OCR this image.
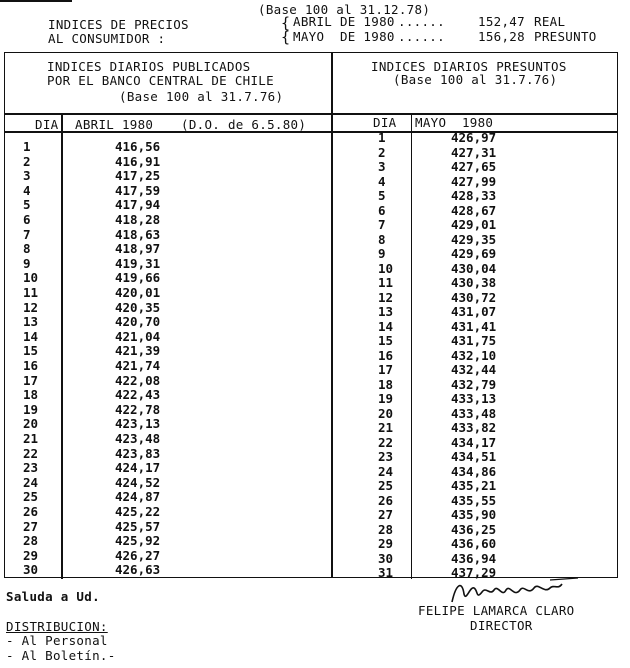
(Base 100 al 31.12.78)
INDICES DE PRECIOS
AL CONSUMIDOR :
{
{
ABRIL DE 1980 ......	152,47 REAL
MAYO  DE 1980 ......	156,28 PRESUNTO
INDICES DIARIOS PUBLICADOS
POR EL BANCO CENTRAL DE CHILE
(Base 100 al 31.7.76)
INDICES DIARIOS PRESUNTOS
(Base 100 al 31.7.76)
DIA ABRIL 1980 (D.O. de 6.5.80)	DIA MAYO  1980
1	416,56
2	416,91
3	417,25
4	417,59
5	417,94
6	418,28
7	418,63
8	418,97
9	419,31
10	419,66
11	420,01
12	420,35
13	420,70
14	421,04
15	421,39
16	421,74
17	422,08
18	422,43
19	422,78
20	423,13
21	423,48
22	423,83
23	424,17
24	424,52
25	424,87
26	425,22
27	425,57
28	425,92
29	426,27
30	426,63
1	426,97
2	427,31
3	427,65
4	427,99
5	428,33
6	428,67
7	429,01
8	429,35
9	429,69
10	430,04
11	430,38
12	430,72
13	431,07
14	431,41
15	431,75
16	432,10
17	432,44
18	432,79
19	433,13
20	433,48
21	433,82
22	434,17
23	434,51
24	434,86
25	435,21
26	435,55
27	435,90
28	436,25
29	436,60
30	436,94
31	437,29
Saluda a Ud.
DISTRIBUCION:
- Al Personal
- Al Boletín.-
FELIPE LAMARCA CLARO
DIRECTOR
